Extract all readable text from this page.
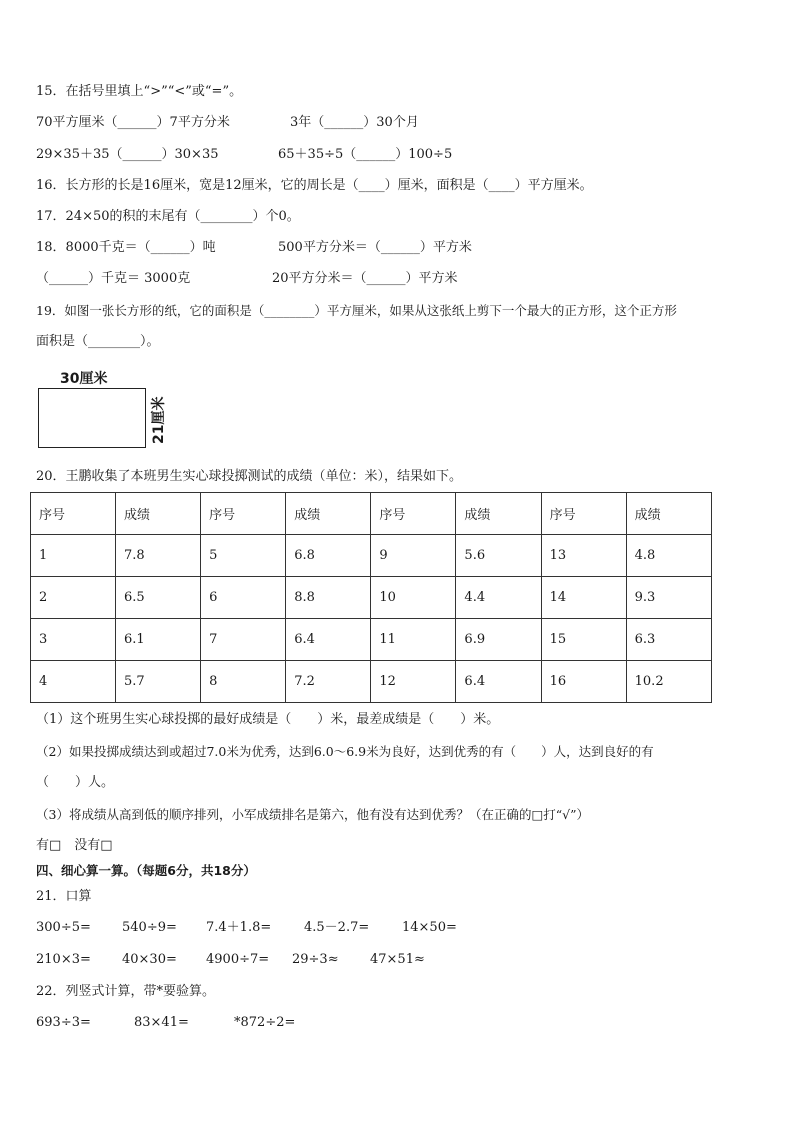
15．在括号里填上“>”“<”或“=”。
70平方厘米（______）7平方分米	3年（______）30个月
29×35＋35（______）30×35	65＋35÷5（______）100÷5
16．长方形的长是16厘米，宽是12厘米，它的周长是（____）厘米，面积是（____）平方厘米。
17．24×50的积的末尾有（________）个0。
18．8000千克＝（______）吨	500平方分米＝（______）平方米
（______）千克＝ 3000克	20平方分米＝（______）平方米
19．如图一张长方形的纸，它的面积是（________）平方厘米，如果从这张纸上剪下一个最大的正方形，这个正方形
面积是（________）。
30厘米
21厘米
20．王鹏收集了本班男生实心球投掷测试的成绩（单位：米），结果如下。
序号	成绩	序号	成绩	序号	成绩	序号	成绩
1	7.8	5	6.8	9	5.6	13	4.8
2	6.5	6	8.8	10	4.4	14	9.3
3	6.1	7	6.4	11	6.9	15	6.3
4	5.7	8	7.2	12	6.4	16	10.2
（1）这个班男生实心球投掷的最好成绩是（　　）米，最差成绩是（　　）米。
（2）如果投掷成绩达到或超过7.0米为优秀，达到6.0～6.9米为良好，达到优秀的有（　　）人，达到良好的有
（　　）人。
（3）将成绩从高到低的顺序排列，小军成绩排名是第六，他有没有达到优秀？（在正确的□打“√”）
有□　没有□
四、细心算一算。（每题6分，共18分）
21．口算
300÷5= 540÷9= 7.4＋1.8=	4.5－2.7=	14×50=
210×3= 40×30= 4900÷7= 29÷3≈ 47×51≈
22．列竖式计算，带*要验算。
693÷3=	83×41=	*872÷2=
